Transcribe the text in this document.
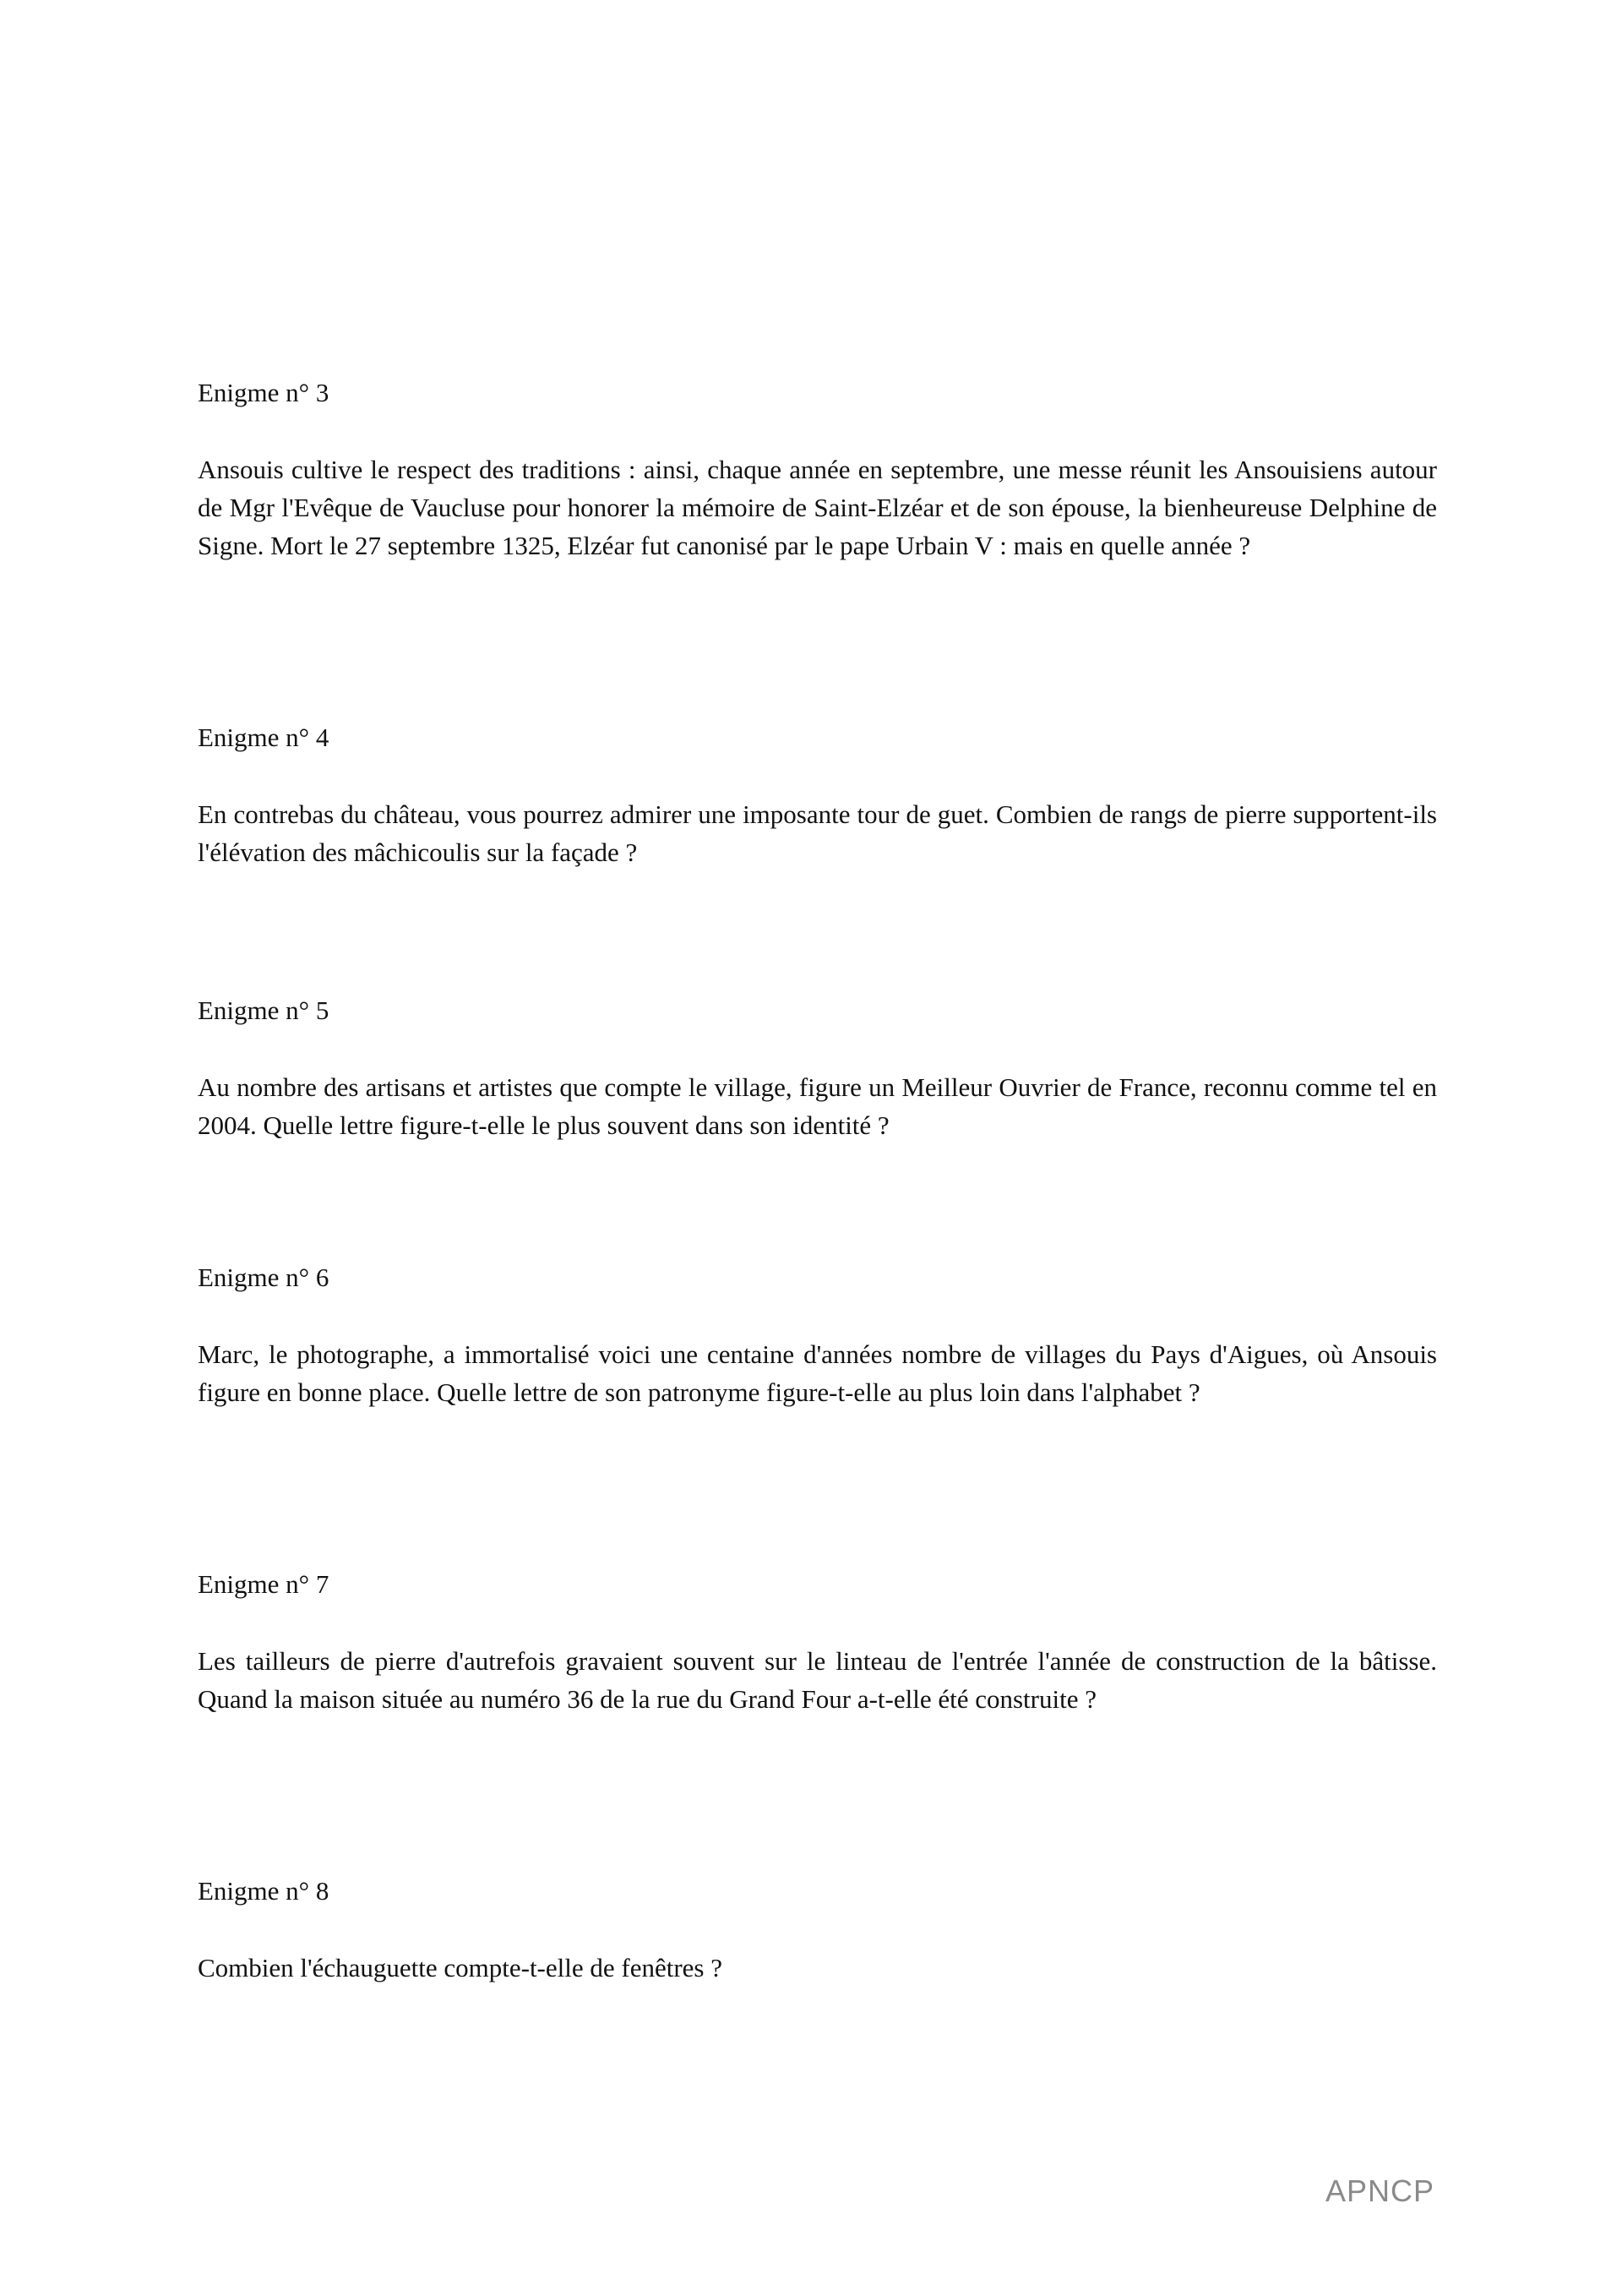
Enigme n° 3

Ansouis cultive le respect des traditions : ainsi, chaque année en septembre, une messe réunit les Ansouisiens autour de Mgr l'Evêque de Vaucluse pour honorer la mémoire de Saint-Elzéar et de son épouse, la bienheureuse Delphine de Signe. Mort le 27 septembre 1325, Elzéar fut canonisé par le pape Urbain V : mais en quelle année ?

Enigme n° 4

En contrebas du château, vous pourrez admirer une imposante tour de guet. Combien de rangs de pierre supportent-ils l'élévation des mâchicoulis sur la façade ?

Enigme n° 5

Au nombre des artisans et artistes que compte le village, figure un Meilleur Ouvrier de France, reconnu comme tel en 2004. Quelle lettre figure-t-elle le plus souvent dans son identité ?

Enigme n° 6

Marc, le photographe, a immortalisé voici une centaine d'années nombre de villages du Pays d'Aigues, où Ansouis figure en bonne place. Quelle lettre de son patronyme figure-t-elle au plus loin dans l'alphabet ?

Enigme n° 7

Les tailleurs de pierre d'autrefois gravaient souvent sur le linteau de l'entrée l'année de construction de la bâtisse. Quand la maison située au numéro 36 de la rue du Grand Four a-t-elle été construite ?

Enigme n° 8

Combien l'échauguette compte-t-elle de fenêtres ?

APNCP
